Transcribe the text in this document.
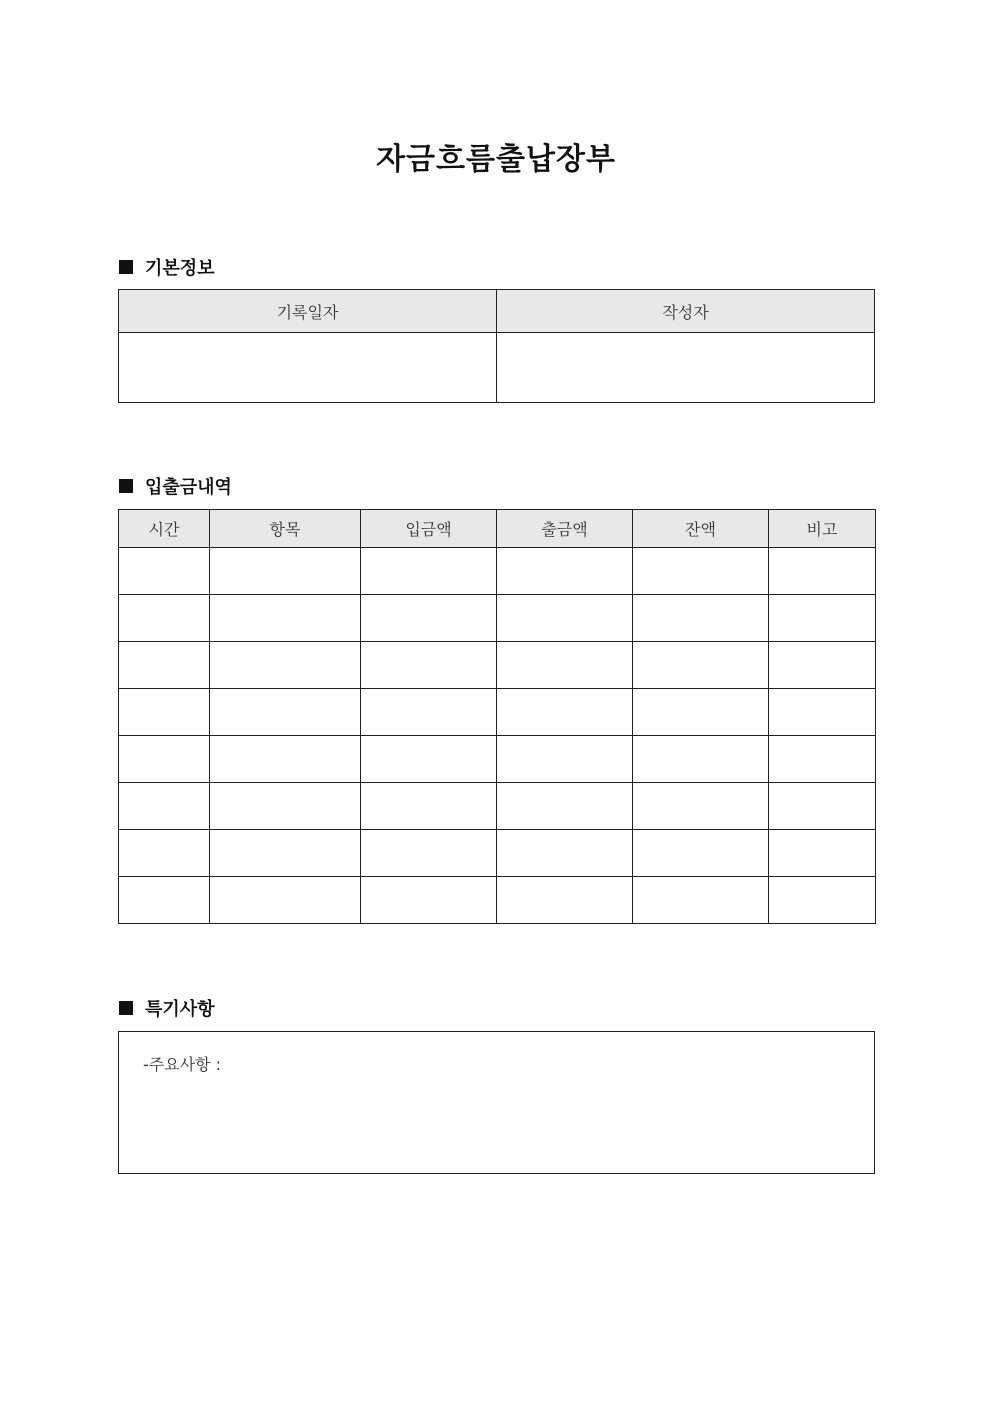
자금흐름출납장부
기본정보
기록일자	작성자

입출금내역
시간	항목	입금액	출금액	잔액	비고

특기사항
-주요사항 :
